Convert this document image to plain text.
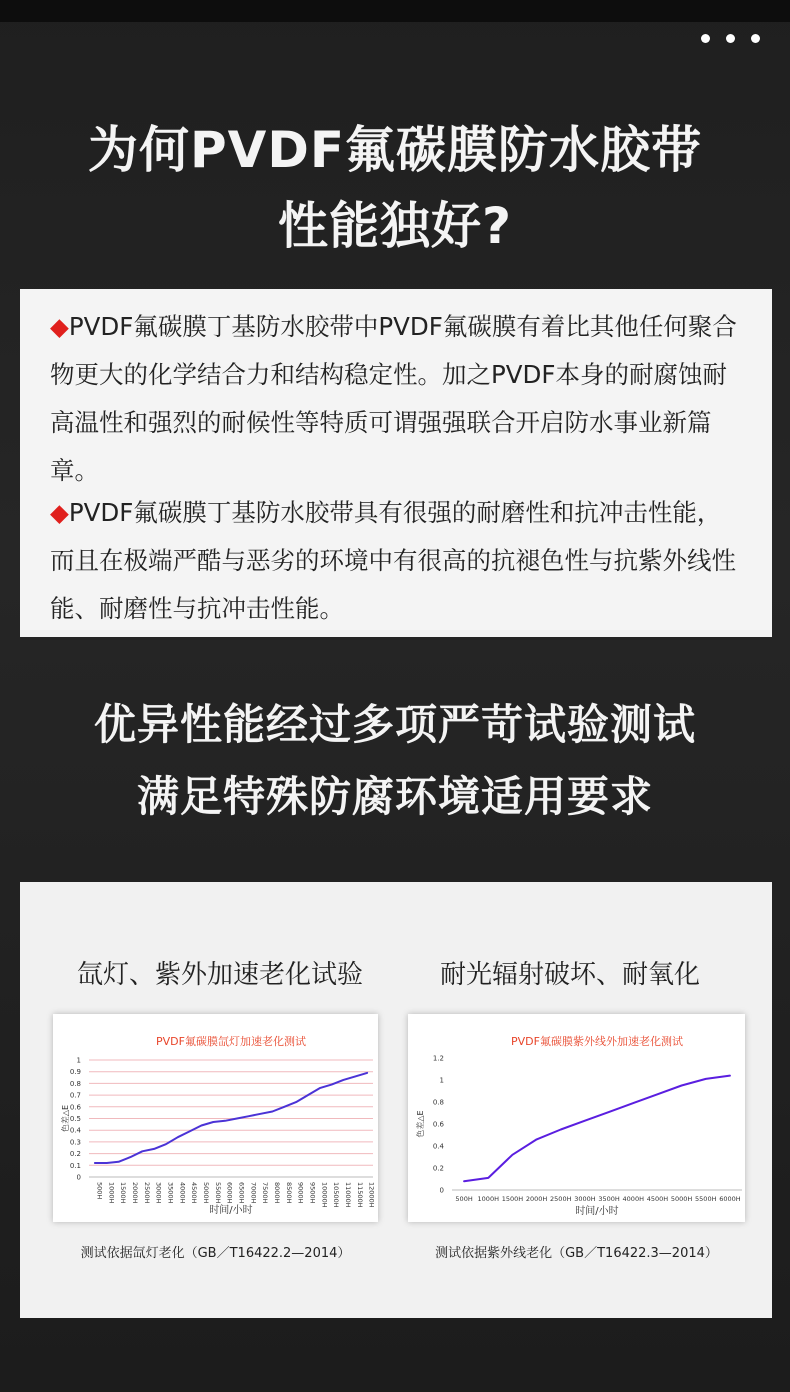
为何PVDF氟碳膜防水胶带
性能独好?
◆PVDF氟碳膜丁基防水胶带中PVDF氟碳膜有着比其他任何聚合物更大的化学结合力和结构稳定性。加之PVDF本身的耐腐蚀耐高温性和强烈的耐候性等特质可谓强强联合开启防水事业新篇章。
◆PVDF氟碳膜丁基防水胶带具有很强的耐磨性和抗冲击性能，而且在极端严酷与恶劣的环境中有很高的抗褪色性与抗紫外线性能、耐磨性与抗冲击性能。
优异性能经过多项严苛试验测试
满足特殊防腐环境适用要求
氙灯、紫外加速老化试验	耐光辐射破坏、耐氧化
PVDF氟碳膜氙灯加速老化测试
0
0.1
0.2
0.3
0.4
0.5
0.6
0.7
0.8
0.9
1
500H 1000H 1500H 2000H 2500H 3000H 3500H 4000H 4500H 5000H 5500H 6000H 6500H 7000H 7500H 8000H 8500H 9000H 9500H 10000H 10500H 11000H 11500H 12000H
色差△E
时间/小时
PVDF氟碳膜紫外线外加速老化测试
0
0.2
0.4
0.6
0.8
1
1.2
500H 1000H 1500H 2000H 2500H 3000H 3500H 4000H 4500H 5000H 5500H 6000H
色差△E
时间/小时
测试依据氙灯老化（GB／T16422.2—2014）	测试依据紫外线老化（GB／T16422.3—2014）
